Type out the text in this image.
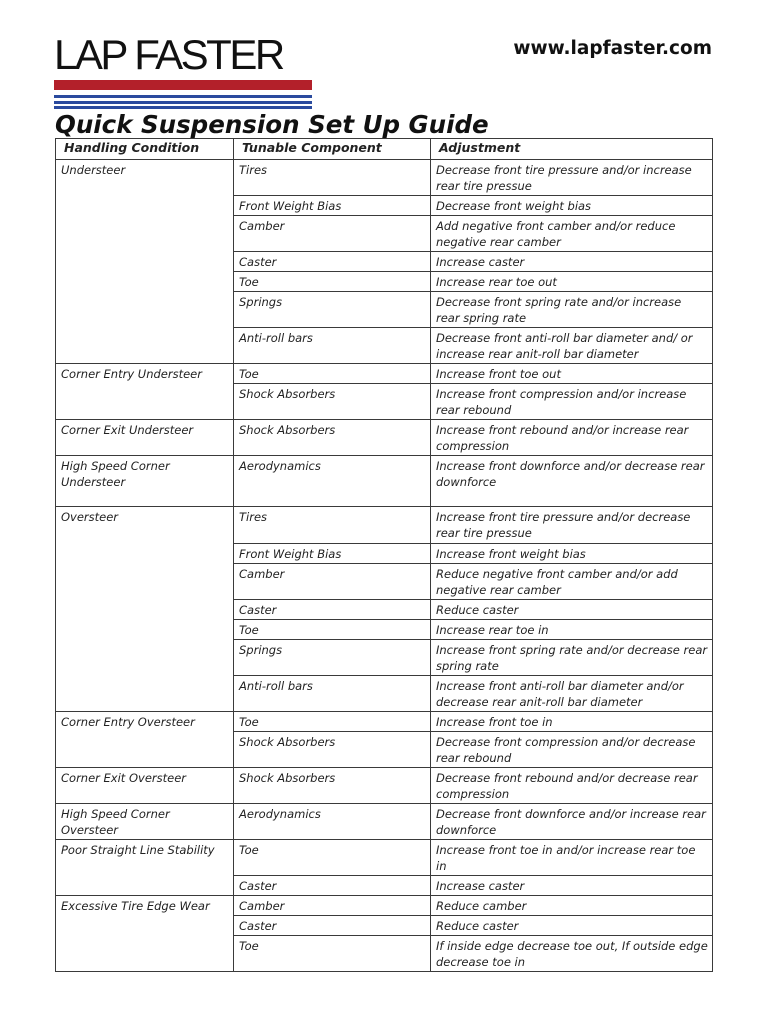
LAP FASTER	www.lapfaster.com
Quick Suspension Set Up Guide
Handling Condition	Tunable Component	Adjustment
Understeer	Tires	Decrease front tire pressure and/or increase rear tire pressue
	Front Weight Bias	Decrease front weight bias
	Camber	Add negative front camber and/or reduce negative rear camber
	Caster	Increase caster
	Toe	Increase rear toe out
	Springs	Decrease front spring rate and/or increase rear spring rate
	Anti-roll bars	Decrease front anti-roll bar diameter and/ or increase rear anit-roll bar diameter
Corner Entry Understeer	Toe	Increase front toe out
	Shock Absorbers	Increase front compression and/or increase rear rebound
Corner Exit Understeer	Shock Absorbers	Increase front rebound and/or increase rear compression
High Speed Corner Understeer	Aerodynamics	Increase front downforce and/or decrease rear downforce
Oversteer	Tires	Increase front tire pressure and/or decrease rear tire pressue
	Front Weight Bias	Increase front weight bias
	Camber	Reduce negative front camber and/or add negative rear camber
	Caster	Reduce caster
	Toe	Increase rear toe in
	Springs	Increase front spring rate and/or decrease rear spring rate
	Anti-roll bars	Increase front anti-roll bar diameter and/or decrease rear anit-roll bar diameter
Corner Entry Oversteer	Toe	Increase front toe in
	Shock Absorbers	Decrease front compression and/or decrease rear rebound
Corner Exit Oversteer	Shock Absorbers	Decrease front rebound and/or decrease rear compression
High Speed Corner Oversteer	Aerodynamics	Decrease front downforce and/or increase rear downforce
Poor Straight Line Stability	Toe	Increase front toe in and/or increase rear toe in
	Caster	Increase caster
Excessive Tire Edge Wear	Camber	Reduce camber
	Caster	Reduce caster
	Toe	If inside edge decrease toe out, If outside edge decrease toe in
